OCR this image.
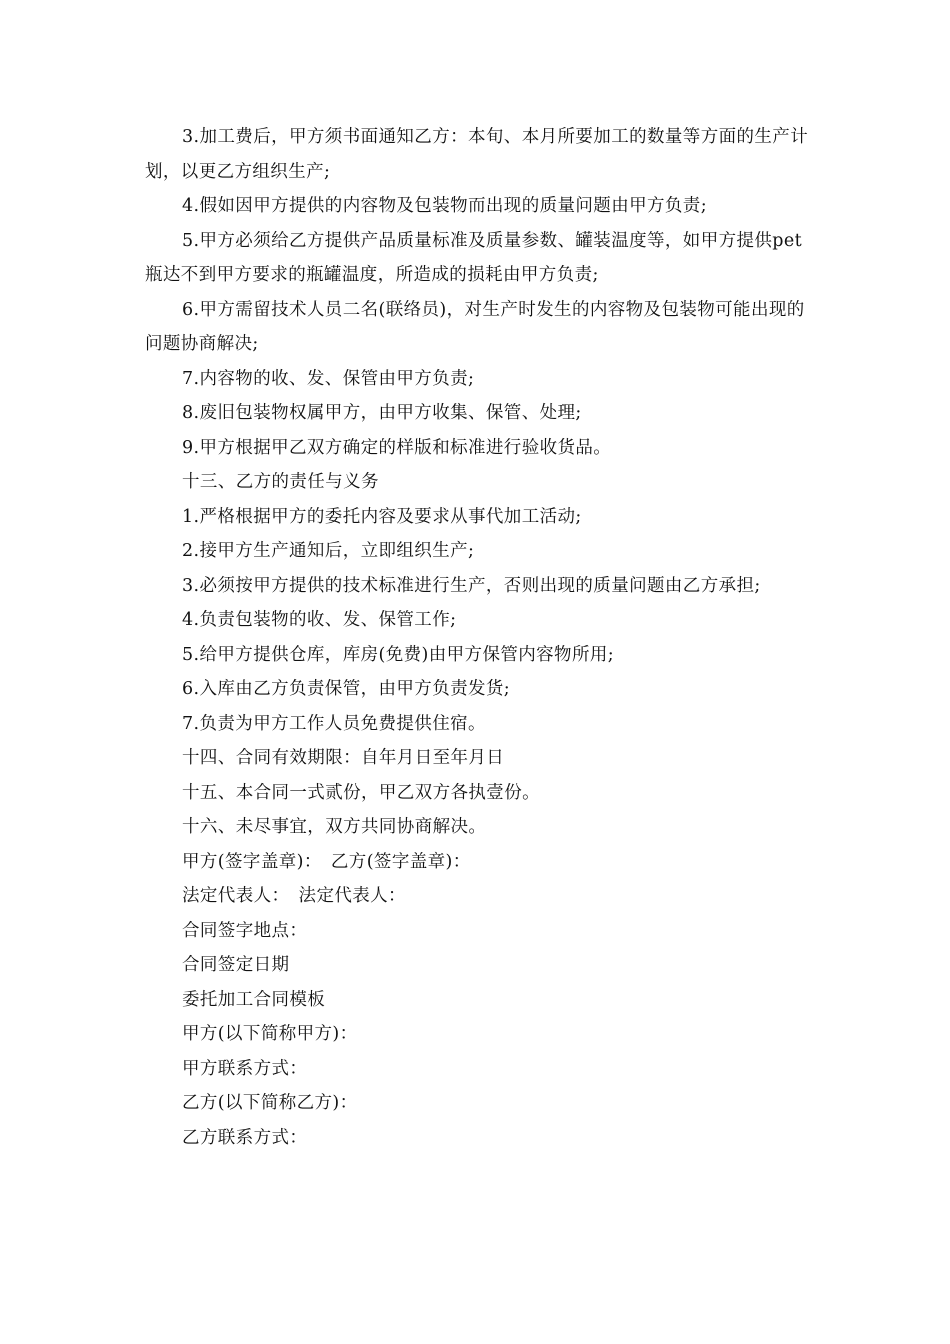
3.加工费后，甲方须书面通知乙方：本旬、本月所要加工的数量等方面的生产计划，以更乙方组织生产;

4.假如因甲方提供的内容物及包装物而出现的质量问题由甲方负责;

5.甲方必须给乙方提供产品质量标准及质量参数、罐装温度等，如甲方提供pet瓶达不到甲方要求的瓶罐温度，所造成的损耗由甲方负责;

6.甲方需留技术人员二名(联络员)，对生产时发生的内容物及包装物可能出现的问题协商解决;

7.内容物的收、发、保管由甲方负责;

8.废旧包装物权属甲方，由甲方收集、保管、处理;

9.甲方根据甲乙双方确定的样版和标准进行验收货品。

十三、乙方的责任与义务

1.严格根据甲方的委托内容及要求从事代加工活动;

2.接甲方生产通知后，立即组织生产;

3.必须按甲方提供的技术标准进行生产，否则出现的质量问题由乙方承担;

4.负责包装物的收、发、保管工作;

5.给甲方提供仓库，库房(免费)由甲方保管内容物所用;

6.入库由乙方负责保管，由甲方负责发货;

7.负责为甲方工作人员免费提供住宿。

十四、合同有效期限：自年月日至年月日

十五、本合同一式贰份，甲乙双方各执壹份。

十六、未尽事宜，双方共同协商解决。

甲方(签字盖章)：　乙方(签字盖章)：

法定代表人：　法定代表人：

合同签字地点：

合同签定日期

委托加工合同模板

甲方(以下简称甲方)：

甲方联系方式：

乙方(以下简称乙方)：

乙方联系方式：
